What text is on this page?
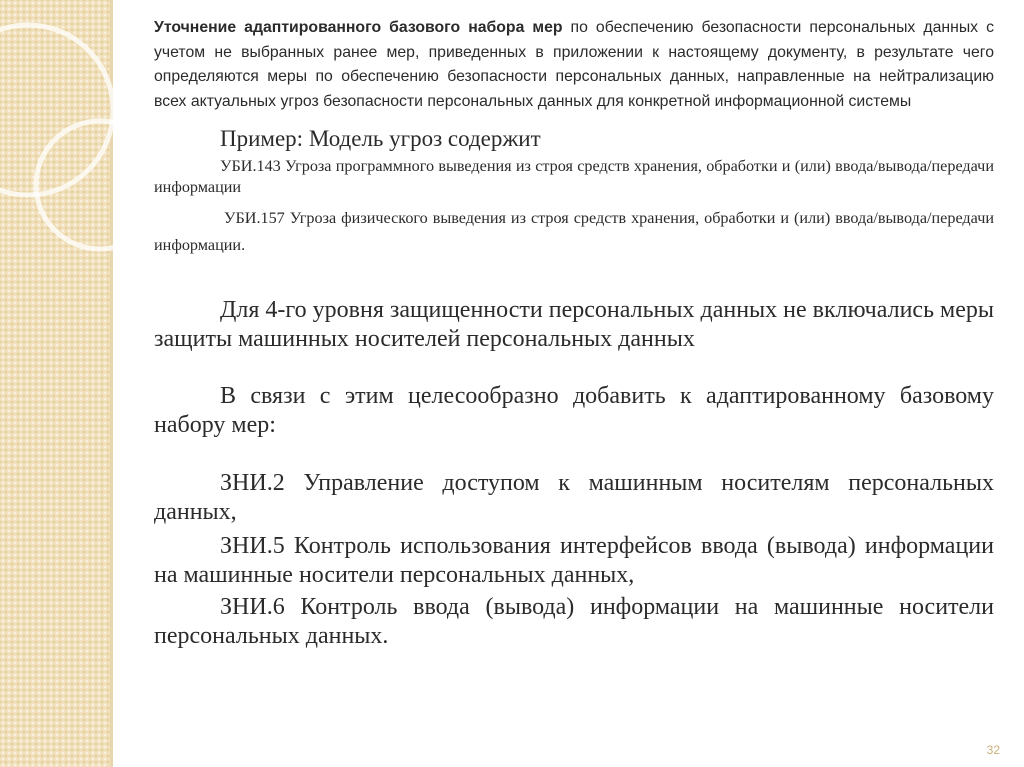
Уточнение адаптированного базового набора мер по обеспечению безопасности персональных данных с учетом не выбранных ранее мер, приведенных в приложении к настоящему документу, в результате чего определяются меры по обеспечению безопасности персональных данных, направленные на нейтрализацию всех актуальных угроз безопасности персональных данных для конкретной информационной системы

Пример: Модель угроз содержит

УБИ.143 Угроза программного выведения из строя средств хранения, обработки и (или) ввода/вывода/передачи информации

УБИ.157 Угроза физического выведения из строя средств хранения, обработки и (или) ввода/вывода/передачи информации.

Для 4-го уровня защищенности персональных данных не включались меры защиты машинных носителей персональных данных

В связи с этим целесообразно добавить к адаптированному базовому набору мер:

ЗНИ.2 Управление доступом к машинным носителям персональных данных,

ЗНИ.5 Контроль использования интерфейсов ввода (вывода) информации на машинные носители персональных данных,

ЗНИ.6 Контроль ввода (вывода) информации на машинные носители персональных данных.

32
